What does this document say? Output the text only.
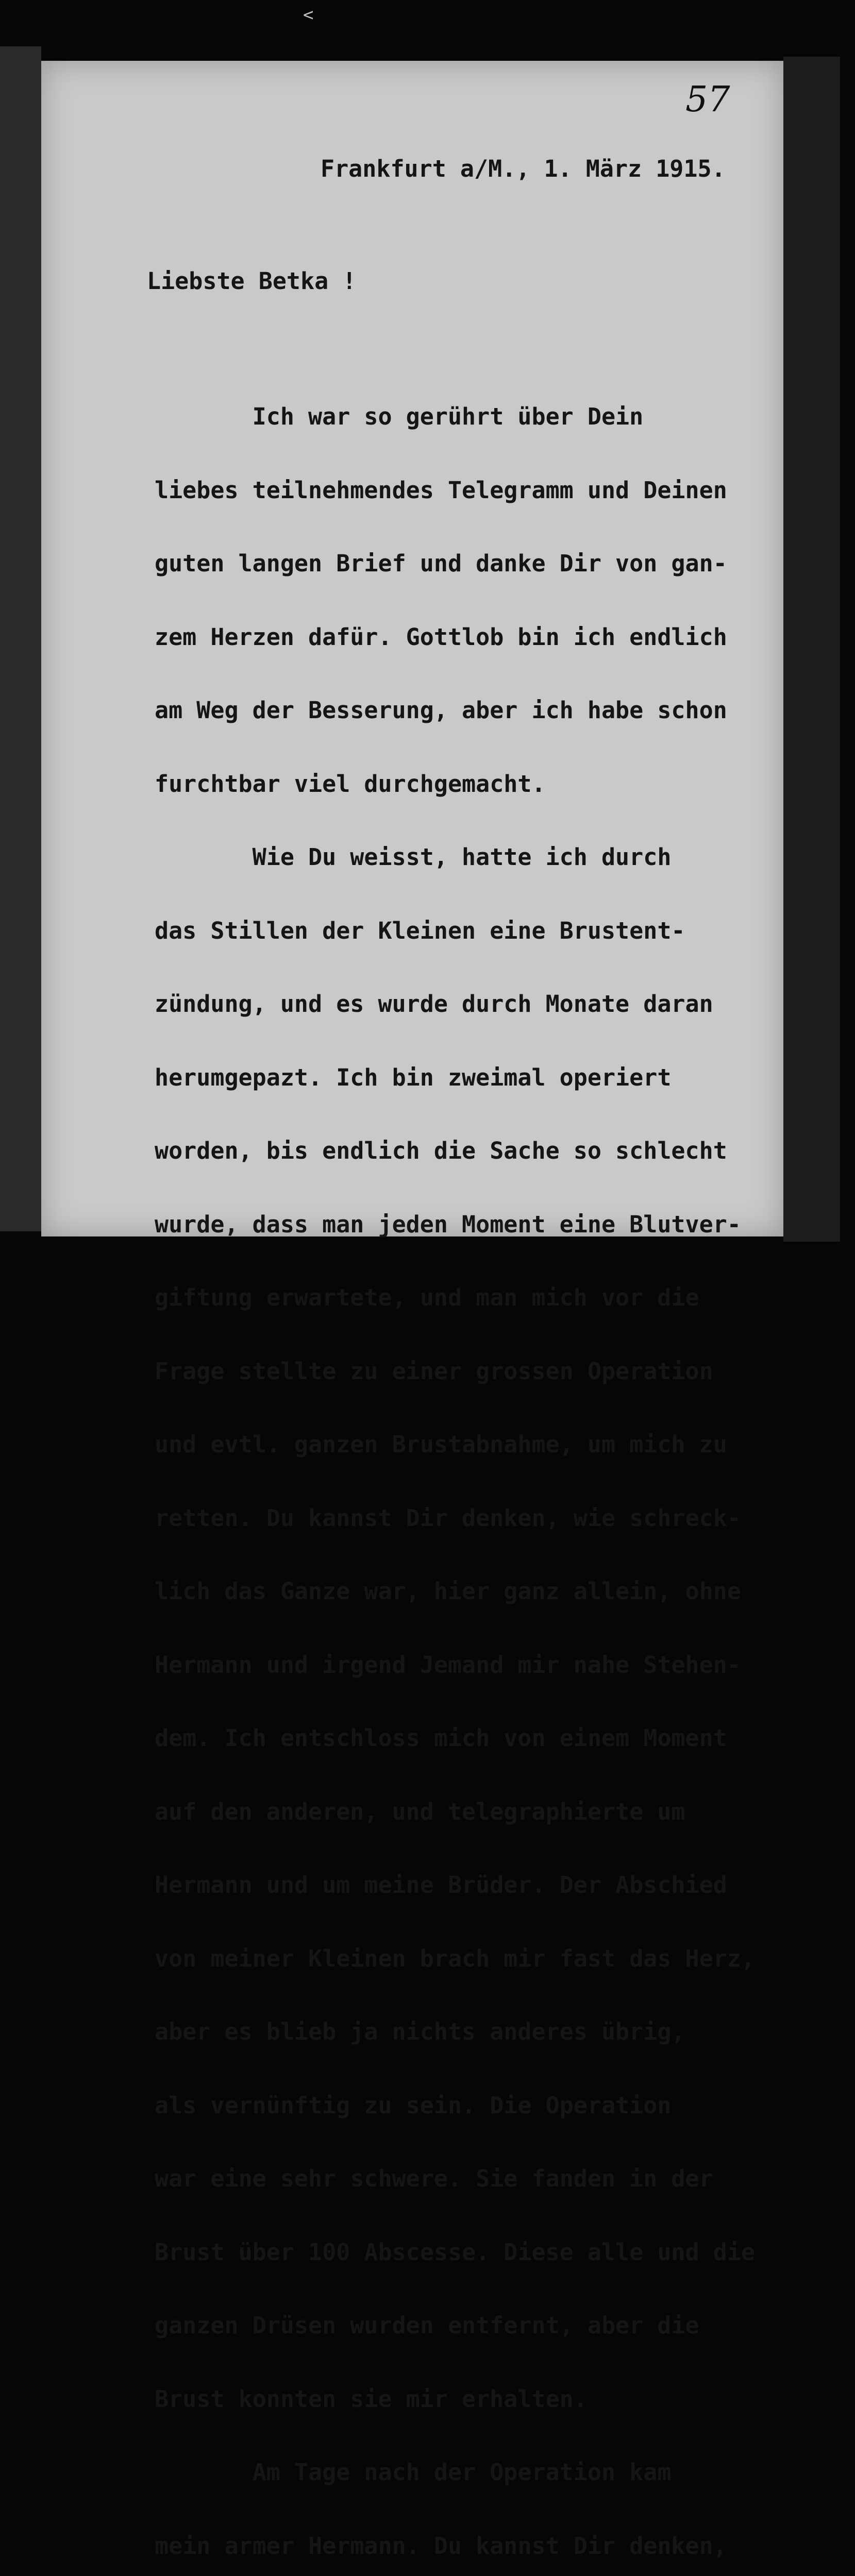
<
57
Frankfurt a/M., 1. März 1915.
Liebste Betka !

Ich war so gerührt über Dein

liebes teilnehmendes Telegramm und Deinen

guten langen Brief und danke Dir von gan-

zem Herzen dafür. Gottlob bin ich endlich

am Weg der Besserung, aber ich habe schon

furchtbar viel durchgemacht.

Wie Du weisst, hatte ich durch

das Stillen der Kleinen eine Brustent-

zündung, und es wurde durch Monate daran

herumgepazt. Ich bin zweimal operiert

worden, bis endlich die Sache so schlecht

wurde, dass man jeden Moment eine Blutver-

giftung erwartete, und man mich vor die

Frage stellte zu einer grossen Operation

und evtl. ganzen Brustabnahme, um mich zu

retten. Du kannst Dir denken, wie schreck-

lich das Ganze war, hier ganz allein, ohne

Hermann und irgend Jemand mir nahe Stehen-

dem. Ich entschloss mich von einem Moment

auf den anderen, und telegraphierte um

Hermann und um meine Brüder. Der Abschied

von meiner Kleinen brach mir fast das Herz,

aber es blieb ja nichts anderes übrig,

als vernünftig zu sein. Die Operation

war eine sehr schwere. Sie fanden in der

Brust über 100 Abscesse. Diese alle und die

ganzen Drüsen wurden entfernt, aber die

Brust konnten sie mir erhalten.

Am Tage nach der Operation kam

mein armer Hermann. Du kannst Dir denken,
